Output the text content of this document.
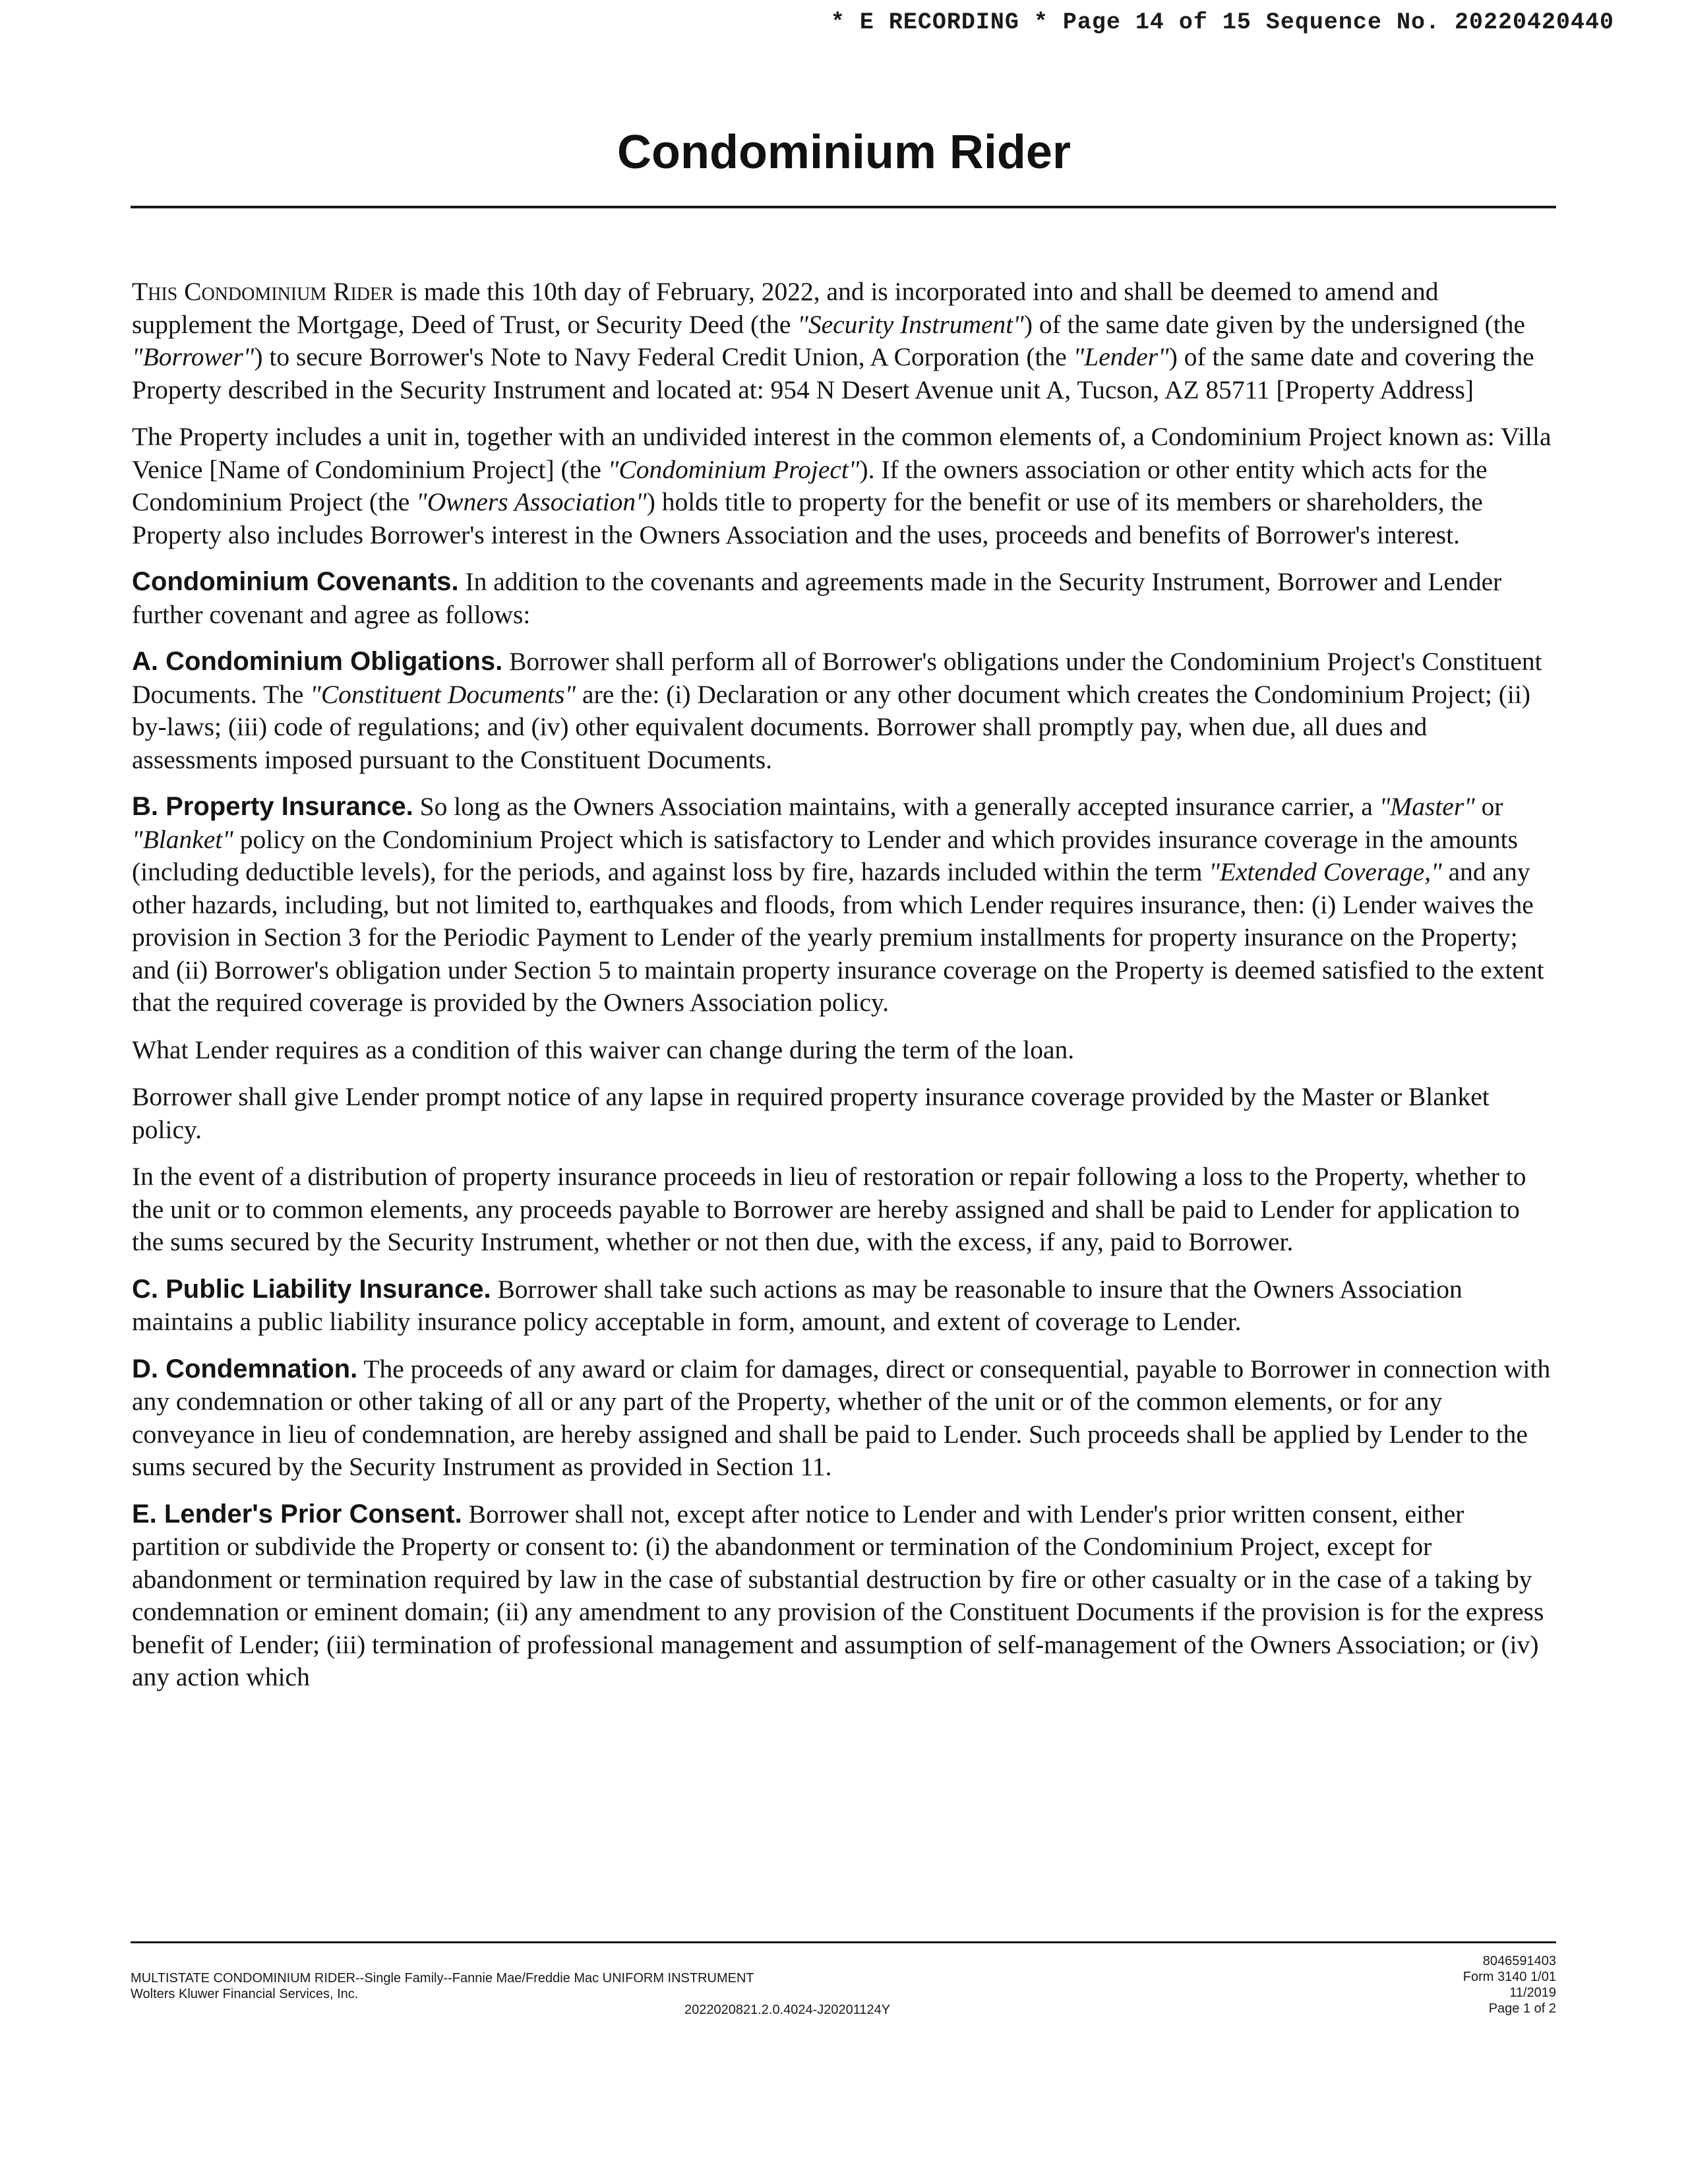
* E RECORDING * Page 14 of 15 Sequence No. 20220420440
Condominium Rider

This Condominium Rider is made this 10th day of February, 2022, and is incorporated into and shall be deemed to amend and supplement the Mortgage, Deed of Trust, or Security Deed (the "Security Instrument") of the same date given by the undersigned (the "Borrower") to secure Borrower's Note to Navy Federal Credit Union, A Corporation (the "Lender") of the same date and covering the Property described in the Security Instrument and located at: 954 N Desert Avenue unit A, Tucson, AZ 85711 [Property Address]

The Property includes a unit in, together with an undivided interest in the common elements of, a Condominium Project known as: Villa Venice [Name of Condominium Project] (the "Condominium Project"). If the owners association or other entity which acts for the Condominium Project (the "Owners Association") holds title to property for the benefit or use of its members or shareholders, the Property also includes Borrower's interest in the Owners Association and the uses, proceeds and benefits of Borrower's interest.

Condominium Covenants. In addition to the covenants and agreements made in the Security Instrument, Borrower and Lender further covenant and agree as follows:

A. Condominium Obligations. Borrower shall perform all of Borrower's obligations under the Condominium Project's Constituent Documents. The "Constituent Documents" are the: (i) Declaration or any other document which creates the Condominium Project; (ii) by-laws; (iii) code of regulations; and (iv) other equivalent documents. Borrower shall promptly pay, when due, all dues and assessments imposed pursuant to the Constituent Documents.

B. Property Insurance. So long as the Owners Association maintains, with a generally accepted insurance carrier, a "Master" or "Blanket" policy on the Condominium Project which is satisfactory to Lender and which provides insurance coverage in the amounts (including deductible levels), for the periods, and against loss by fire, hazards included within the term "Extended Coverage," and any other hazards, including, but not limited to, earthquakes and floods, from which Lender requires insurance, then: (i) Lender waives the provision in Section 3 for the Periodic Payment to Lender of the yearly premium installments for property insurance on the Property; and (ii) Borrower's obligation under Section 5 to maintain property insurance coverage on the Property is deemed satisfied to the extent that the required coverage is provided by the Owners Association policy.

What Lender requires as a condition of this waiver can change during the term of the loan.

Borrower shall give Lender prompt notice of any lapse in required property insurance coverage provided by the Master or Blanket policy.

In the event of a distribution of property insurance proceeds in lieu of restoration or repair following a loss to the Property, whether to the unit or to common elements, any proceeds payable to Borrower are hereby assigned and shall be paid to Lender for application to the sums secured by the Security Instrument, whether or not then due, with the excess, if any, paid to Borrower.

C. Public Liability Insurance. Borrower shall take such actions as may be reasonable to insure that the Owners Association maintains a public liability insurance policy acceptable in form, amount, and extent of coverage to Lender.

D. Condemnation. The proceeds of any award or claim for damages, direct or consequential, payable to Borrower in connection with any condemnation or other taking of all or any part of the Property, whether of the unit or of the common elements, or for any conveyance in lieu of condemnation, are hereby assigned and shall be paid to Lender. Such proceeds shall be applied by Lender to the sums secured by the Security Instrument as provided in Section 11.

E. Lender's Prior Consent. Borrower shall not, except after notice to Lender and with Lender's prior written consent, either partition or subdivide the Property or consent to: (i) the abandonment or termination of the Condominium Project, except for abandonment or termination required by law in the case of substantial destruction by fire or other casualty or in the case of a taking by condemnation or eminent domain; (ii) any amendment to any provision of the Constituent Documents if the provision is for the express benefit of Lender; (iii) termination of professional management and assumption of self-management of the Owners Association; or (iv) any action which

MULTISTATE CONDOMINIUM RIDER--Single Family--Fannie Mae/Freddie Mac UNIFORM INSTRUMENT
Wolters Kluwer Financial Services, Inc.
2022020821.2.0.4024-J20201124Y
8046591403
Form 3140 1/01
11/2019
Page 1 of 2
